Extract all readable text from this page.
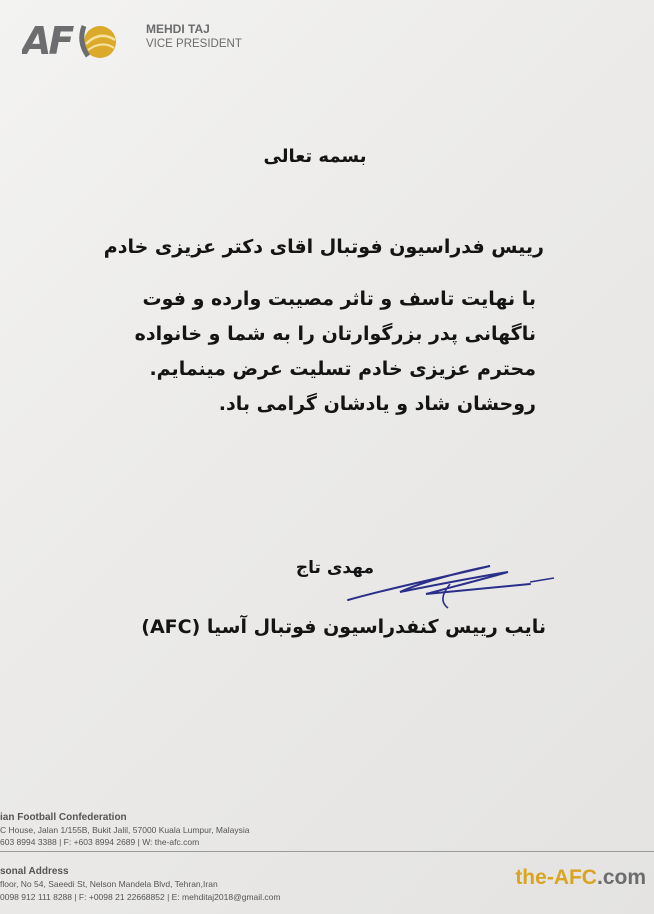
AF	MEHDI TAJ
VICE PRESIDENT
بسمه تعالی
رییس فدراسیون فوتبال اقای دکتر عزیزی خادم
با نهایت تاسف و تاثر مصیبت وارده و فوت
ناگهانی پدر بزرگوارتان را به شما و خانواده
محترم عزیزی خادم تسلیت عرض مینمایم.
روحشان شاد و یادشان گرامی باد.
مهدی تاج
نایب رییس کنفدراسیون فوتبال آسیا (AFC)
ian Football Confederation
C House, Jalan 1/155B, Bukit Jalil, 57000 Kuala Lumpur, Malaysia
603 8994 3388 | F: +603 8994 2689 | W: the-afc.com
sonal Address
floor, No 54, Saeedi St, Nelson Mandela Blvd, Tehran,Iran
0098 912 111 8288 | F: +0098 21 22668852 | E: mehditaj2018@gmail.com
the-AFC.com
